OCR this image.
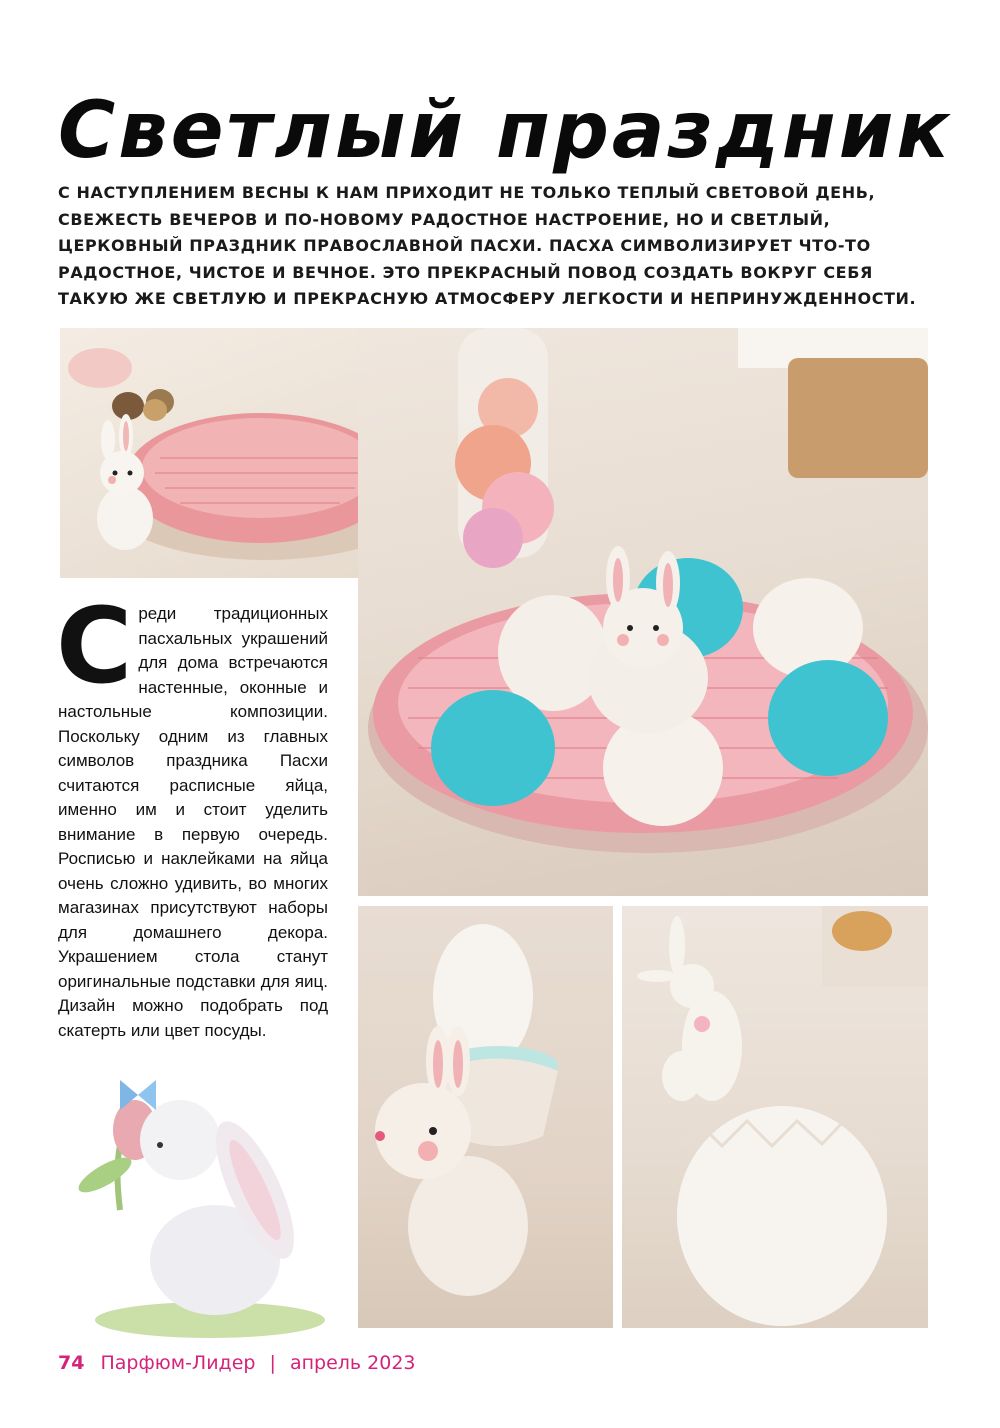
Светлый праздник

С НАСТУПЛЕНИЕМ ВЕСНЫ К НАМ ПРИХОДИТ НЕ ТОЛЬКО ТЕПЛЫЙ СВЕТОВОЙ ДЕНЬ, СВЕЖЕСТЬ ВЕЧЕРОВ И ПО-НОВОМУ РАДОСТНОЕ НАСТРОЕНИЕ, НО И СВЕТЛЫЙ, ЦЕРКОВНЫЙ ПРАЗДНИК ПРАВОСЛАВНОЙ ПАСХИ. ПАСХА СИМВОЛИЗИРУЕТ ЧТО-ТО РАДОСТНОЕ, ЧИСТОЕ И ВЕЧНОЕ. ЭТО ПРЕКРАСНЫЙ ПОВОД СОЗДАТЬ ВОКРУГ СЕБЯ ТАКУЮ ЖЕ СВЕТЛУЮ И ПРЕКРАСНУЮ АТМОСФЕРУ ЛЕГКОСТИ И НЕПРИНУЖДЕННОСТИ.

Среди традиционных пасхальных украшений для дома встречаются настенные, оконные и настольные композиции. Поскольку одним из главных символов праздника Пасхи считаются расписные яйца, именно им и стоит уделить внимание в первую очередь. Росписью и наклейками на яйца очень сложно удивить, во многих магазинах присутствуют наборы для домашнего декора. Украшением стола станут оригинальные подставки для яиц. Дизайн можно подобрать под скатерть или цвет посуды.

74 Парфюм-Лидер | апрель 2023
